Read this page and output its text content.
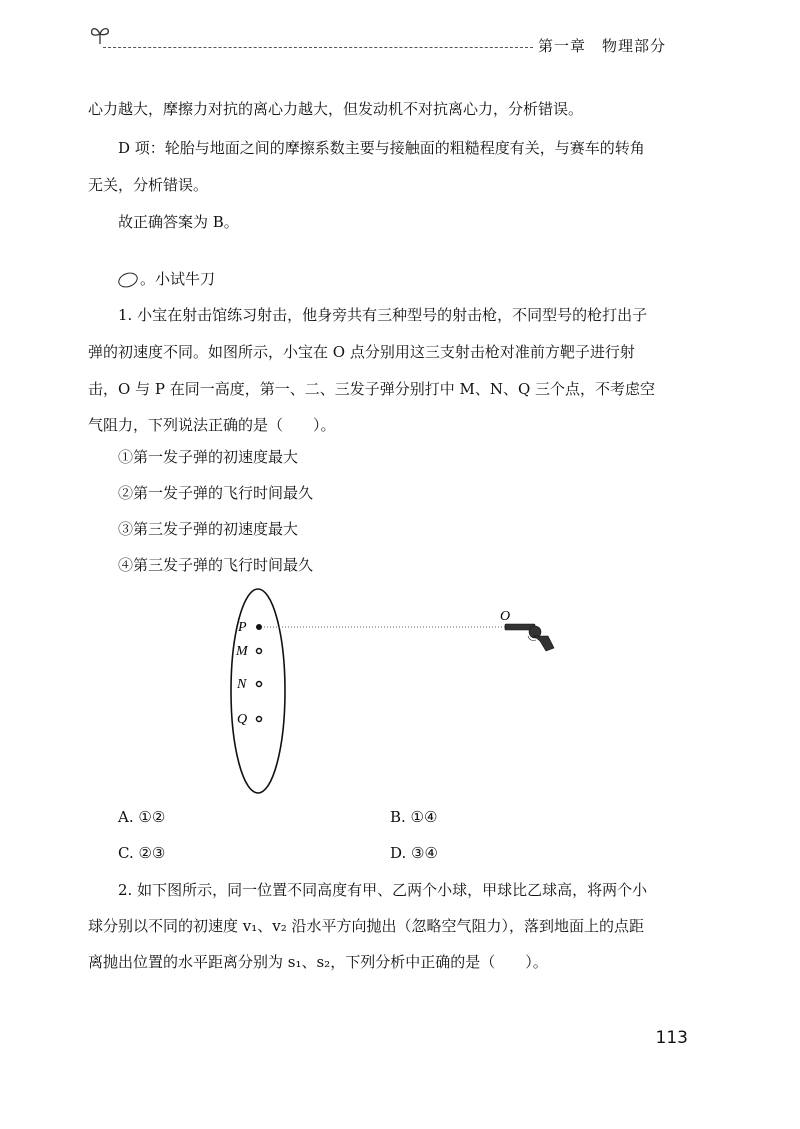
第一章　物理部分
心力越大，摩擦力对抗的离心力越大，但发动机不对抗离心力，分析错误。
D 项：轮胎与地面之间的摩擦系数主要与接触面的粗糙程度有关，与赛车的转角
无关，分析错误。
故正确答案为 B。
。小试牛刀
1. 小宝在射击馆练习射击，他身旁共有三种型号的射击枪，不同型号的枪打出子
弹的初速度不同。如图所示，小宝在 O 点分别用这三支射击枪对准前方靶子进行射
击，O 与 P 在同一高度，第一、二、三发子弹分别打中 M、N、Q 三个点，不考虑空
气阻力，下列说法正确的是（　　）。
①第一发子弹的初速度最大
②第一发子弹的飞行时间最久
③第三发子弹的初速度最大
④第三发子弹的飞行时间最久
P
M
N
Q
O
A. ①②	B. ①④
C. ②③	D. ③④
2. 如下图所示，同一位置不同高度有甲、乙两个小球，甲球比乙球高，将两个小
球分别以不同的初速度 v₁、v₂ 沿水平方向抛出（忽略空气阻力），落到地面上的点距
离抛出位置的水平距离分别为 s₁、s₂，下列分析中正确的是（　　）。
113
